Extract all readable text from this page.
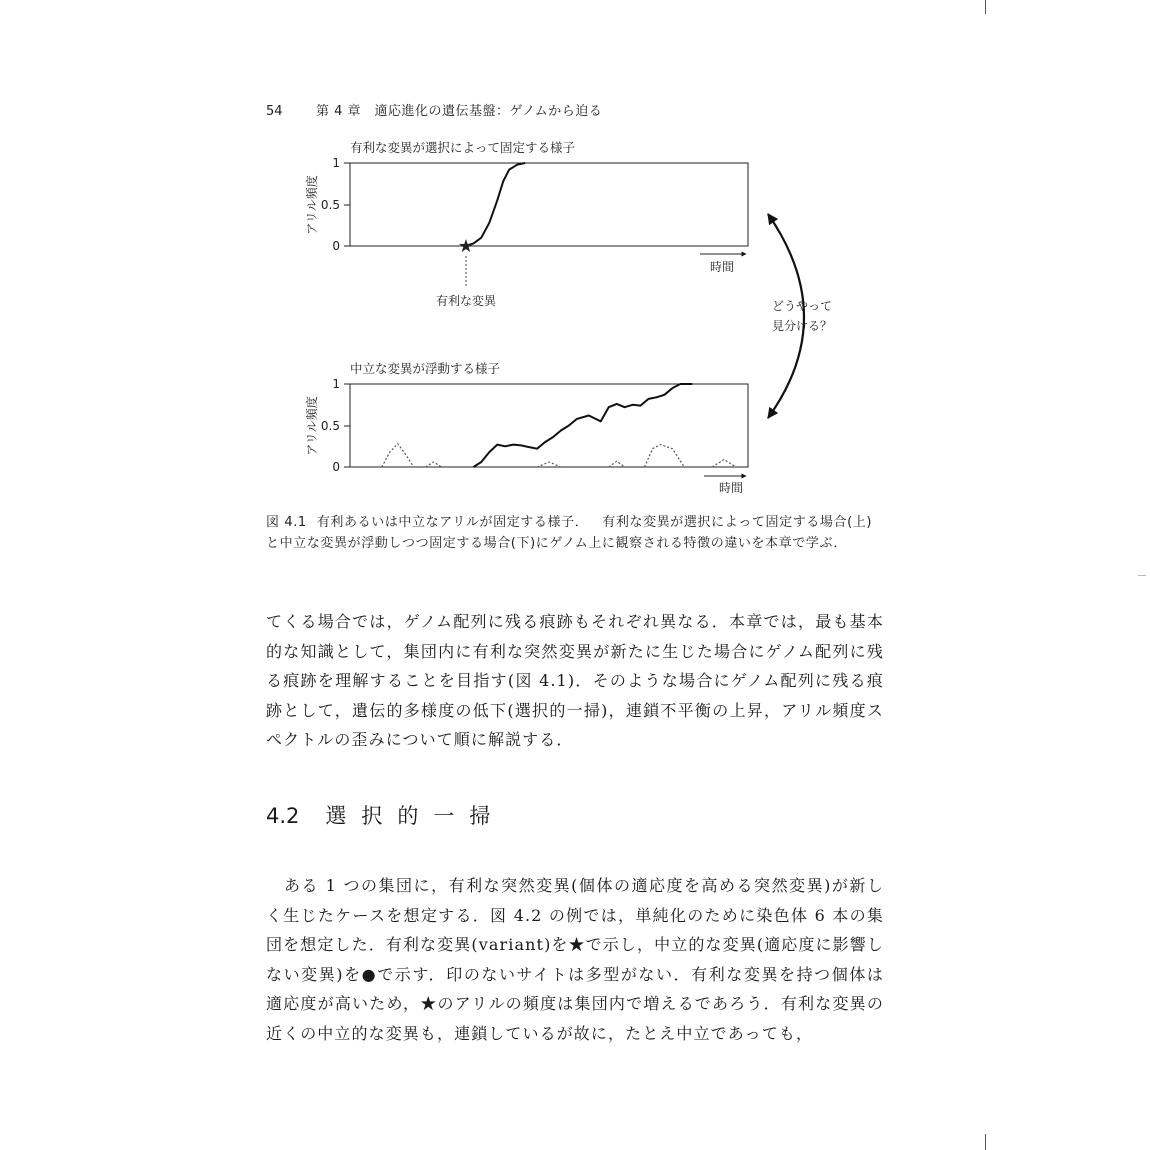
54	第 4 章　適応進化の遺伝基盤：ゲノムから迫る
有利な変異が選択によって固定する様子
1
0.5
0
アリル頻度
★
有利な変異
時間
どうやって
見分ける？
中立な変異が浮動する様子
1
0.5
0
アリル頻度
時間
図 4.1 有利あるいは中立なアリルが固定する様子． 有利な変異が選択によって固定する場合(上)と中立な変異が浮動しつつ固定する場合(下)にゲノム上に観察される特徴の違いを本章で学ぶ．
てくる場合では，ゲノム配列に残る痕跡もそれぞれ異なる．本章では，最も基本的な知識として，集団内に有利な突然変異が新たに生じた場合にゲノム配列に残る痕跡を理解することを目指す(図 4.1)．そのような場合にゲノム配列に残る痕跡として，遺伝的多様度の低下(選択的一掃)，連鎖不平衡の上昇，アリル頻度スペクトルの歪みについて順に解説する．
4.2 選択的一掃
ある 1 つの集団に，有利な突然変異(個体の適応度を高める突然変異)が新しく生じたケースを想定する．図 4.2 の例では，単純化のために染色体 6 本の集団を想定した．有利な変異(variant)を★で示し，中立的な変異(適応度に影響しない変異)を●で示す．印のないサイトは多型がない．有利な変異を持つ個体は適応度が高いため，★のアリルの頻度は集団内で増えるであろう．有利な変異の近くの中立的な変異も，連鎖しているが故に，たとえ中立であっても，
